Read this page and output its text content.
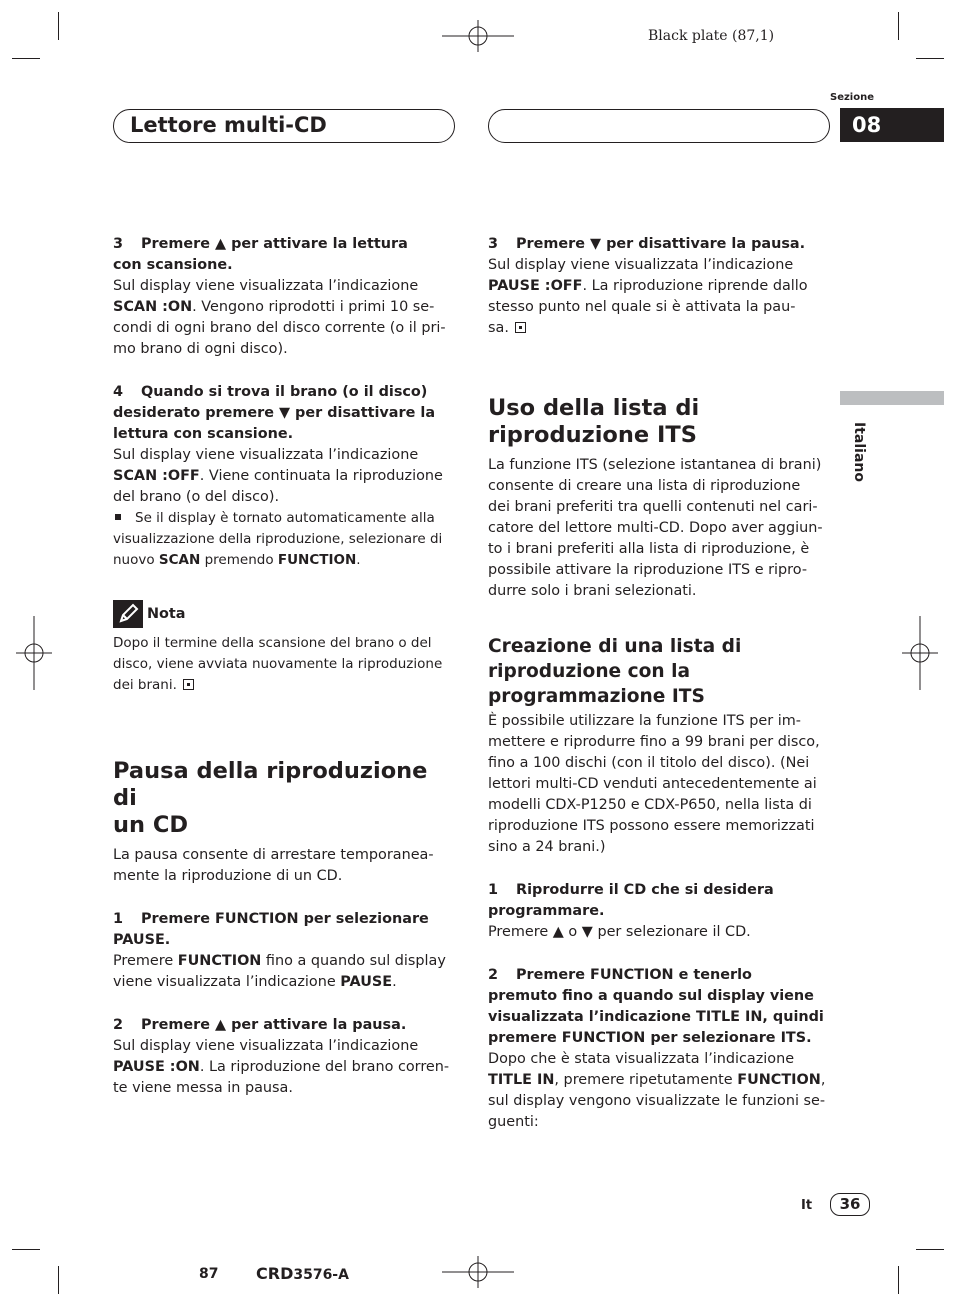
Black plate (87,1)
Lettore multi-CD
Sezione
08
Italiano

3 Premere ▲ per attivare la lettura

con scansione.

Sul display viene visualizzata l’indicazione

SCAN :ON. Vengono riprodotti i primi 10 se-

condi di ogni brano del disco corrente (o il pri-

mo brano di ogni disco).

4 Quando si trova il brano (o il disco)

desiderato premere ▼ per disattivare la

lettura con scansione.

Sul display viene visualizzata l’indicazione

SCAN :OFF. Viene continuata la riproduzione

del brano (o del disco).

Se il display è tornato automaticamente alla

visualizzazione della riproduzione, selezionare di

nuovo SCAN premendo FUNCTION.

Nota

Dopo il termine della scansione del brano o del

disco, viene avviata nuovamente la riproduzione

dei brani.

Pausa della riproduzione di

un CD

La pausa consente di arrestare temporanea-

mente la riproduzione di un CD.

1 Premere FUNCTION per selezionare

PAUSE.

Premere FUNCTION fino a quando sul display

viene visualizzata l’indicazione PAUSE.

2 Premere ▲ per attivare la pausa.

Sul display viene visualizzata l’indicazione

PAUSE :ON. La riproduzione del brano corren-

te viene messa in pausa.

3 Premere ▼ per disattivare la pausa.

Sul display viene visualizzata l’indicazione

PAUSE :OFF. La riproduzione riprende dallo

stesso punto nel quale si è attivata la pau-

sa.

Uso della lista di

riproduzione ITS

La funzione ITS (selezione istantanea di brani)

consente di creare una lista di riproduzione

dei brani preferiti tra quelli contenuti nel cari-

catore del lettore multi-CD. Dopo aver aggiun-

to i brani preferiti alla lista di riproduzione, è

possibile attivare la riproduzione ITS e ripro-

durre solo i brani selezionati.

Creazione di una lista di

riproduzione con la

programmazione ITS

È possibile utilizzare la funzione ITS per im-

mettere e riprodurre fino a 99 brani per disco,

fino a 100 dischi (con il titolo del disco). (Nei

lettori multi-CD venduti antecedentemente ai

modelli CDX-P1250 e CDX-P650, nella lista di

riproduzione ITS possono essere memorizzati

sino a 24 brani.)

1 Riprodurre il CD che si desidera

programmare.

Premere ▲ o ▼ per selezionare il CD.

2 Premere FUNCTION e tenerlo

premuto fino a quando sul display viene

visualizzata l’indicazione TITLE IN, quindi

premere FUNCTION per selezionare ITS.

Dopo che è stata visualizzata l’indicazione

TITLE IN, premere ripetutamente FUNCTION,

sul display vengono visualizzate le funzioni se-

guenti:

It	36
87 CRD3576-A
